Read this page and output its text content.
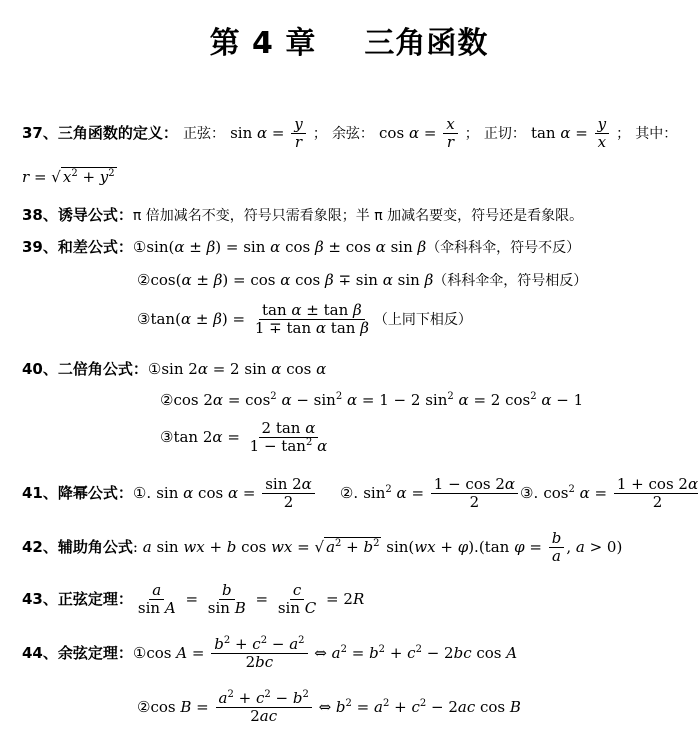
第 4 章 三角函数
37、三角函数的定义： 正弦： $\sin \alpha = \frac{y}{r}$ ； 余弦： $\cos \alpha = \frac{x}{r}$ ； 正切： $\tan \alpha = \frac{y}{x}$ ； 其中：
r = √ $x^2 + y^2$
38、诱导公式：π 倍加减名不变，符号只需看象限；半 π 加减名要变，符号还是看象限。
39、和差公式：①sin(α ± β) = sin α cos β ± cos α sin β（伞科科伞，符号不反）
②cos(α ± β) = cos α cos β ∓ sin α sin β（科科伞伞，符号相反）
③tan(α ± $\beta) = \frac{\text{tan α ± tan β}}{\text{1 ∓ tan α tan β}}$ （上同下相反）
40、二倍角公式：①sin 2α = 2 sin α cos α
②cos $2\alpha = \cos^2 \alpha - \sin^2 \alpha = 1 - 2$ $\sin^2 \alpha = 2$ $\cos^2 \alpha - 1$
③tan $2\alpha = \frac{\text{2 tan α}}{1 - \tan^2 \alpha}$
41、降幂公式：①. sin α $\cos \alpha = \frac{\sin 2\alpha}{2}$ ②. $\sin^2 \alpha = \frac{1 - \cos 2\alpha}{2}$ ③. $\cos^2 \alpha = \frac{1 + \cos 2\alpha}{2}$
42、辅助角公式: a sin wx + b cos wx = √ $a^2 + b^2$ sin(wx + φ).(tan $\varphi = \frac{b}{a}$ , a > 0)
43、正弦定理： $\frac{a}{\text{sin A}} = \frac{b}{\text{sin B}} = \frac{c}{\text{sin C}} = 2R$
44、余弦定理：①cos $A = \frac{b^2 + c^2 - a^2}{2bc}$ ⇔ $a^2 = b^2 + c^2 - 2bc$ cos A
②cos $B = \frac{a^2 + c^2 - b^2}{2ac}$ ⇔ $b^2 = a^2 + c^2 - 2ac$ cos B
